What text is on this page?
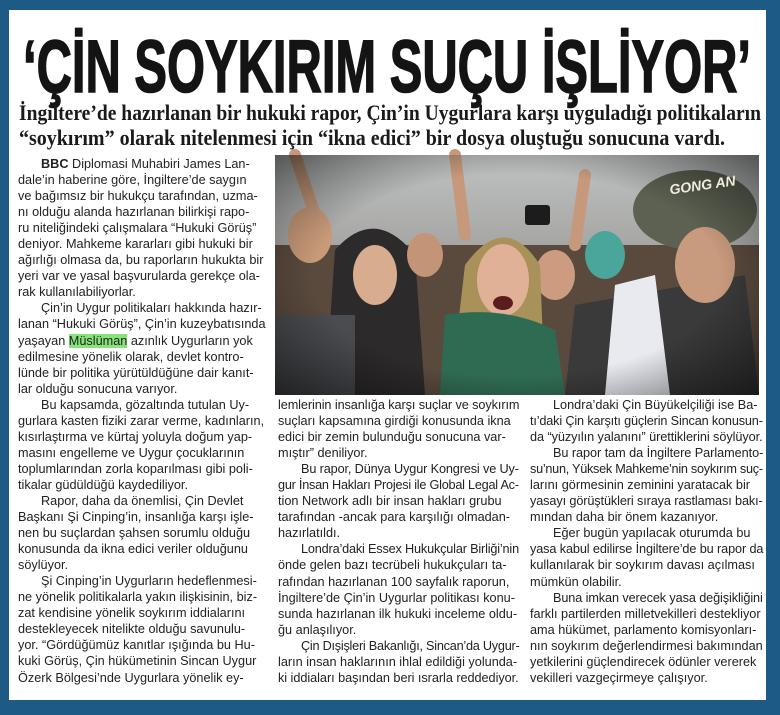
‘ÇİN SOYKIRIM SUÇU İŞLİYOR’
İngiltere’de hazırlanan bir hukuki rapor, Çin’in Uygurlara karşı uyguladığı politikaların
“soykırım” olarak nitelenmesi için “ikna edici” bir dosya oluştuğu sonucuna vardı.
BBC Diplomasi Muhabiri James Lan-
dale’in haberine göre, İngiltere’de saygın
ve bağımsız bir hukukçu tarafından, uzma-
nı olduğu alanda hazırlanan bilirkişi rapo-
ru niteliğindeki çalışmalara “Hukuki Görüş”
deniyor. Mahkeme kararları gibi hukuki bir
ağırlığı olmasa da, bu raporların hukukta bir
yeri var ve yasal başvurularda gerekçe ola-
rak kullanılabiliyorlar.
Çin’in Uygur politikaları hakkında hazır-
lanan “Hukuki Görüş”, Çin’in kuzeybatısında
yaşayan Müslüman azınlık Uygurların yok
edilmesine yönelik olarak, devlet kontro-
lünde bir politika yürütüldüğüne dair kanıt-
lar olduğu sonucuna varıyor.
Bu kapsamda, gözaltında tutulan Uy-
gurlara kasten fiziki zarar verme, kadınların,
kısırlaştırma ve kürtaj yoluyla doğum yap-
masını engelleme ve Uygur çocuklarının
toplumlarından zorla koparılması gibi poli-
tikalar güdüldüğü kaydediliyor.
Rapor, daha da önemlisi, Çin Devlet
Başkanı Şi Cinping’in, insanlığa karşı işle-
nen bu suçlardan şahsen sorumlu olduğu
konusunda da ikna edici veriler olduğunu
söylüyor.
Şi Cinping’in Uygurların hedeflenmesi-
ne yönelik politikalarla yakın ilişkisinin, biz-
zat kendisine yönelik soykırım iddialarını
destekleyecek nitelikte olduğu savunulu-
yor. “Gördüğümüz kanıtlar ışığında bu Hu-
kuki Görüş, Çin hükümetinin Sincan Uygur
Özerk Bölgesi’nde Uygurlara yönelik ey-
GONG AN
lemlerinin insanlığa karşı suçlar ve soykırım
suçları kapsamına girdiği konusunda ikna
edici bir zemin bulunduğu sonucuna var-
mıştır” deniliyor.
Bu rapor, Dünya Uygur Kongresi ve Uy-
gur İnsan Hakları Projesi ile Global Legal Ac-
tion Network adlı bir insan hakları grubu
tarafından -ancak para karşılığı olmadan-
hazırlatıldı.
Londra’daki Essex Hukukçular Birliği’nin
önde gelen bazı tecrübeli hukukçuları ta-
rafından hazırlanan 100 sayfalık raporun,
İngiltere’de Çin’in Uygurlar politikası konu-
sunda hazırlanan ilk hukuki inceleme oldu-
ğu anlaşılıyor.
Çin Dışişleri Bakanlığı, Sincan’da Uygur-
ların insan haklarının ihlal edildiği yolunda-
ki iddiaları başından beri ısrarla reddediyor.
Londra’daki Çin Büyükelçiliği ise Ba-
tı’daki Çin karşıtı güçlerin Sincan konusun-
da “yüzyılın yalanını” ürettiklerini söylüyor.
Bu rapor tam da İngiltere Parlamento-
su’nun, Yüksek Mahkeme’nin soykırım suç-
larını görmesinin zeminini yaratacak bir
yasayı görüştükleri sıraya rastlaması bakı-
mından daha bir önem kazanıyor.
Eğer bugün yapılacak oturumda bu
yasa kabul edilirse İngiltere’de bu rapor da
kullanılarak bir soykırım davası açılması
mümkün olabilir.
Buna imkan verecek yasa değişikliğini
farklı partilerden milletvekilleri destekliyor
ama hükümet, parlamento komisyonları-
nın soykırım değerlendirmesi bakımından
yetkilerini güçlendirecek ödünler vererek
vekilleri vazgeçirmeye çalışıyor.
